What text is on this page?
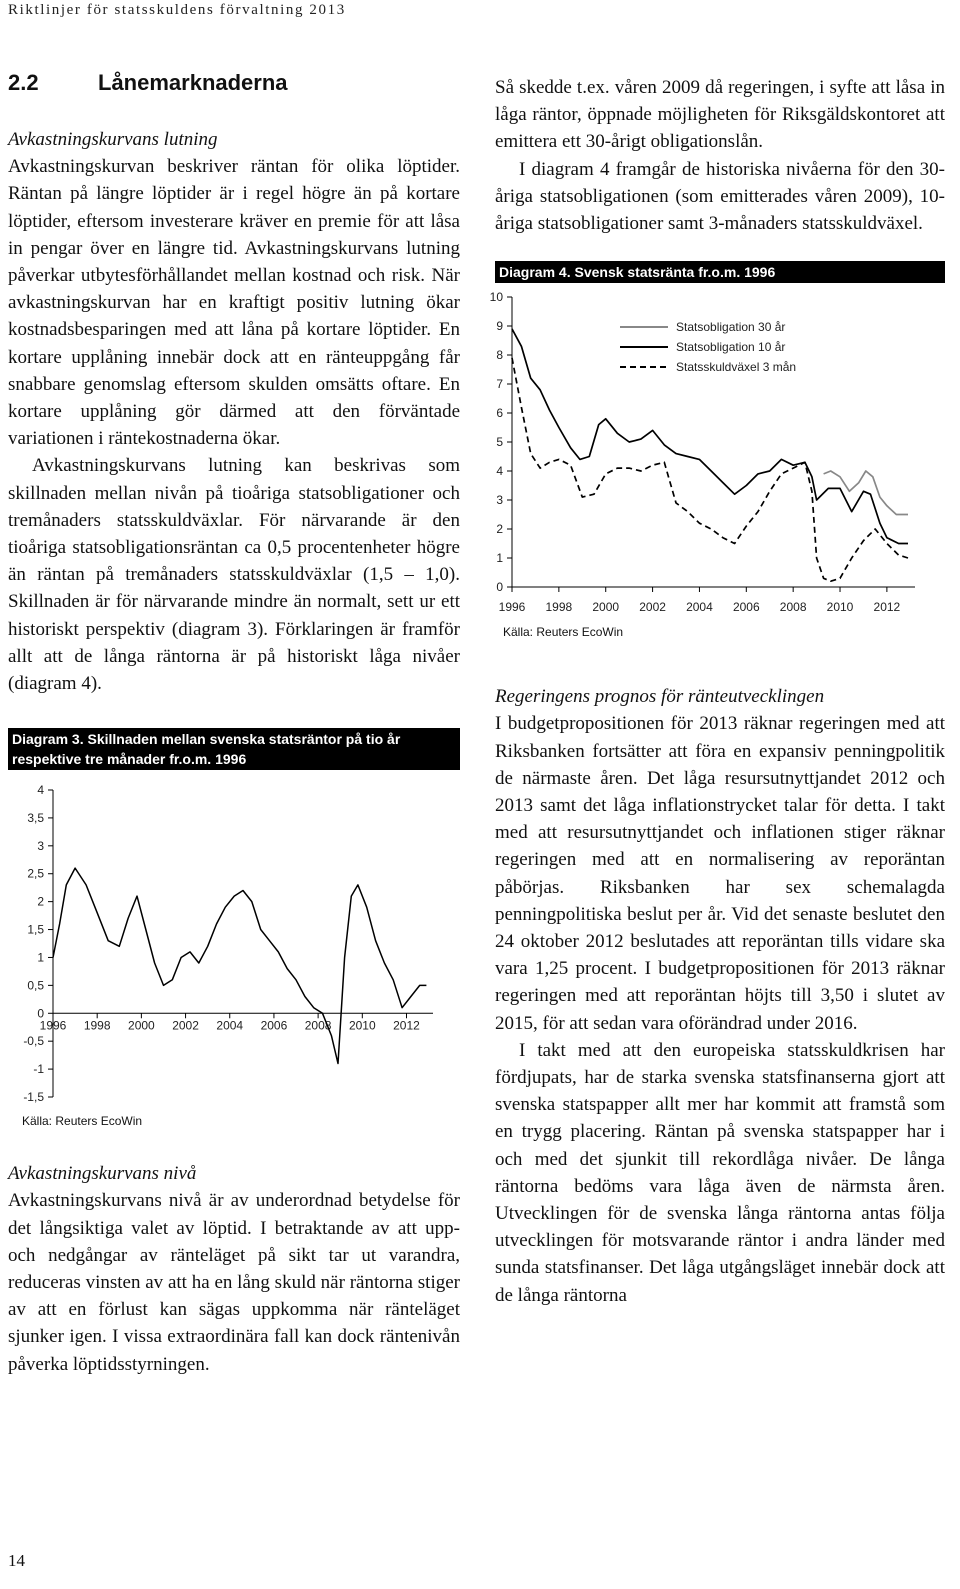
Riktlinjer för statsskuldens förvaltning 2013
2.2	Lånemarknaderna
Avkastningskurvans lutning

Avkastningskurvan beskriver räntan för olika löptider. Räntan på längre löptider är i regel högre än på kortare löptider, eftersom investerare kräver en premie för att låsa in pengar över en längre tid. Avkastningskurvans lutning påverkar utbytesförhållandet mellan kostnad och risk. När avkastningskurvan har en kraftigt positiv lutning ökar kostnadsbesparingen med att låna på kortare löptider. En kortare upplåning innebär dock att en ränteuppgång får snabbare genomslag eftersom skulden omsätts oftare. En kortare upplåning gör därmed att den förväntade variationen i räntekostnaderna ökar.

Avkastningskurvans lutning kan beskrivas som skillnaden mellan nivån på tioåriga statsobligationer och tremånaders statsskuldväxlar. För närvarande är den tioåriga statsobligationsräntan ca 0,5 procentenheter högre än räntan på tremånaders statsskuldväxlar (1,5 – 1,0). Skillnaden är för närvarande mindre än normalt, sett ur ett historiskt perspektiv (diagram 3). Förklaringen är framför allt att de långa räntorna är på historiskt låga nivåer (diagram 4).

Diagram 3. Skillnaden mellan svenska statsräntor på tio år respektive tre månader fr.o.m. 1996
-1,5
-1
-0,5
0
0,5
1
1,5
2
2,5
3
3,5
4
1996 1998 2000 2002 2004 2006 2008 2010 2012
Källa: Reuters EcoWin
Avkastningskurvans nivå

Avkastningskurvans nivå är av underordnad betydelse för det långsiktiga valet av löptid. I betraktande av att upp- och nedgångar av ränteläget på sikt tar ut varandra, reduceras vinsten av att ha en lång skuld när räntorna stiger av att en förlust kan sägas uppkomma när ränteläget sjunker igen. I vissa extraordinära fall kan dock räntenivån påverka löptidsstyrningen.

Så skedde t.ex. våren 2009 då regeringen, i syfte att låsa in låga räntor, öppnade möjligheten för Riksgäldskontoret att emittera ett 30-årigt obligationslån.

I diagram 4 framgår de historiska nivåerna för den 30-åriga statsobligationen (som emitterades våren 2009), 10-åriga statsobligationer samt 3-månaders statsskuldväxel.

Diagram 4. Svensk statsränta fr.o.m. 1996
0
1
2
3
4
5
6
7
8
9
10
1996 1998 2000 2002 2004 2006 2008 2010 2012
Statsobligation 30 år
Statsobligation 10 år
Statsskuldväxel 3 mån
Källa: Reuters EcoWin
Regeringens prognos för ränteutvecklingen

I budgetpropositionen för 2013 räknar regeringen med att Riksbanken fortsätter att föra en expansiv penningpolitik de närmaste åren. Det låga resursutnyttjandet 2012 och 2013 samt det låga inflationstrycket talar för detta. I takt med att resursutnyttjandet och inflationen stiger räknar regeringen med att en normalisering av reporäntan påbörjas. Riksbanken har sex schemalagda penningpolitiska beslut per år. Vid det senaste beslutet den 24 oktober 2012 beslutades att reporäntan tills vidare ska vara 1,25 procent. I budgetpropositionen för 2013 räknar regeringen med att reporäntan höjts till 3,50 i slutet av 2015, för att sedan vara oförändrad under 2016.

I takt med att den europeiska statsskuldkrisen har fördjupats, har de starka svenska statsfinanserna gjort att svenska statspapper allt mer har kommit att framstå som en trygg placering. Räntan på svenska statspapper har i och med det sjunkit till rekordlåga nivåer. De långa räntorna bedöms vara låga även de närmsta åren. Utvecklingen för de svenska långa räntorna antas följa utvecklingen för motsvarande räntor i andra länder med sunda statsfinanser. Det låga utgångsläget innebär dock att de långa räntorna

14
